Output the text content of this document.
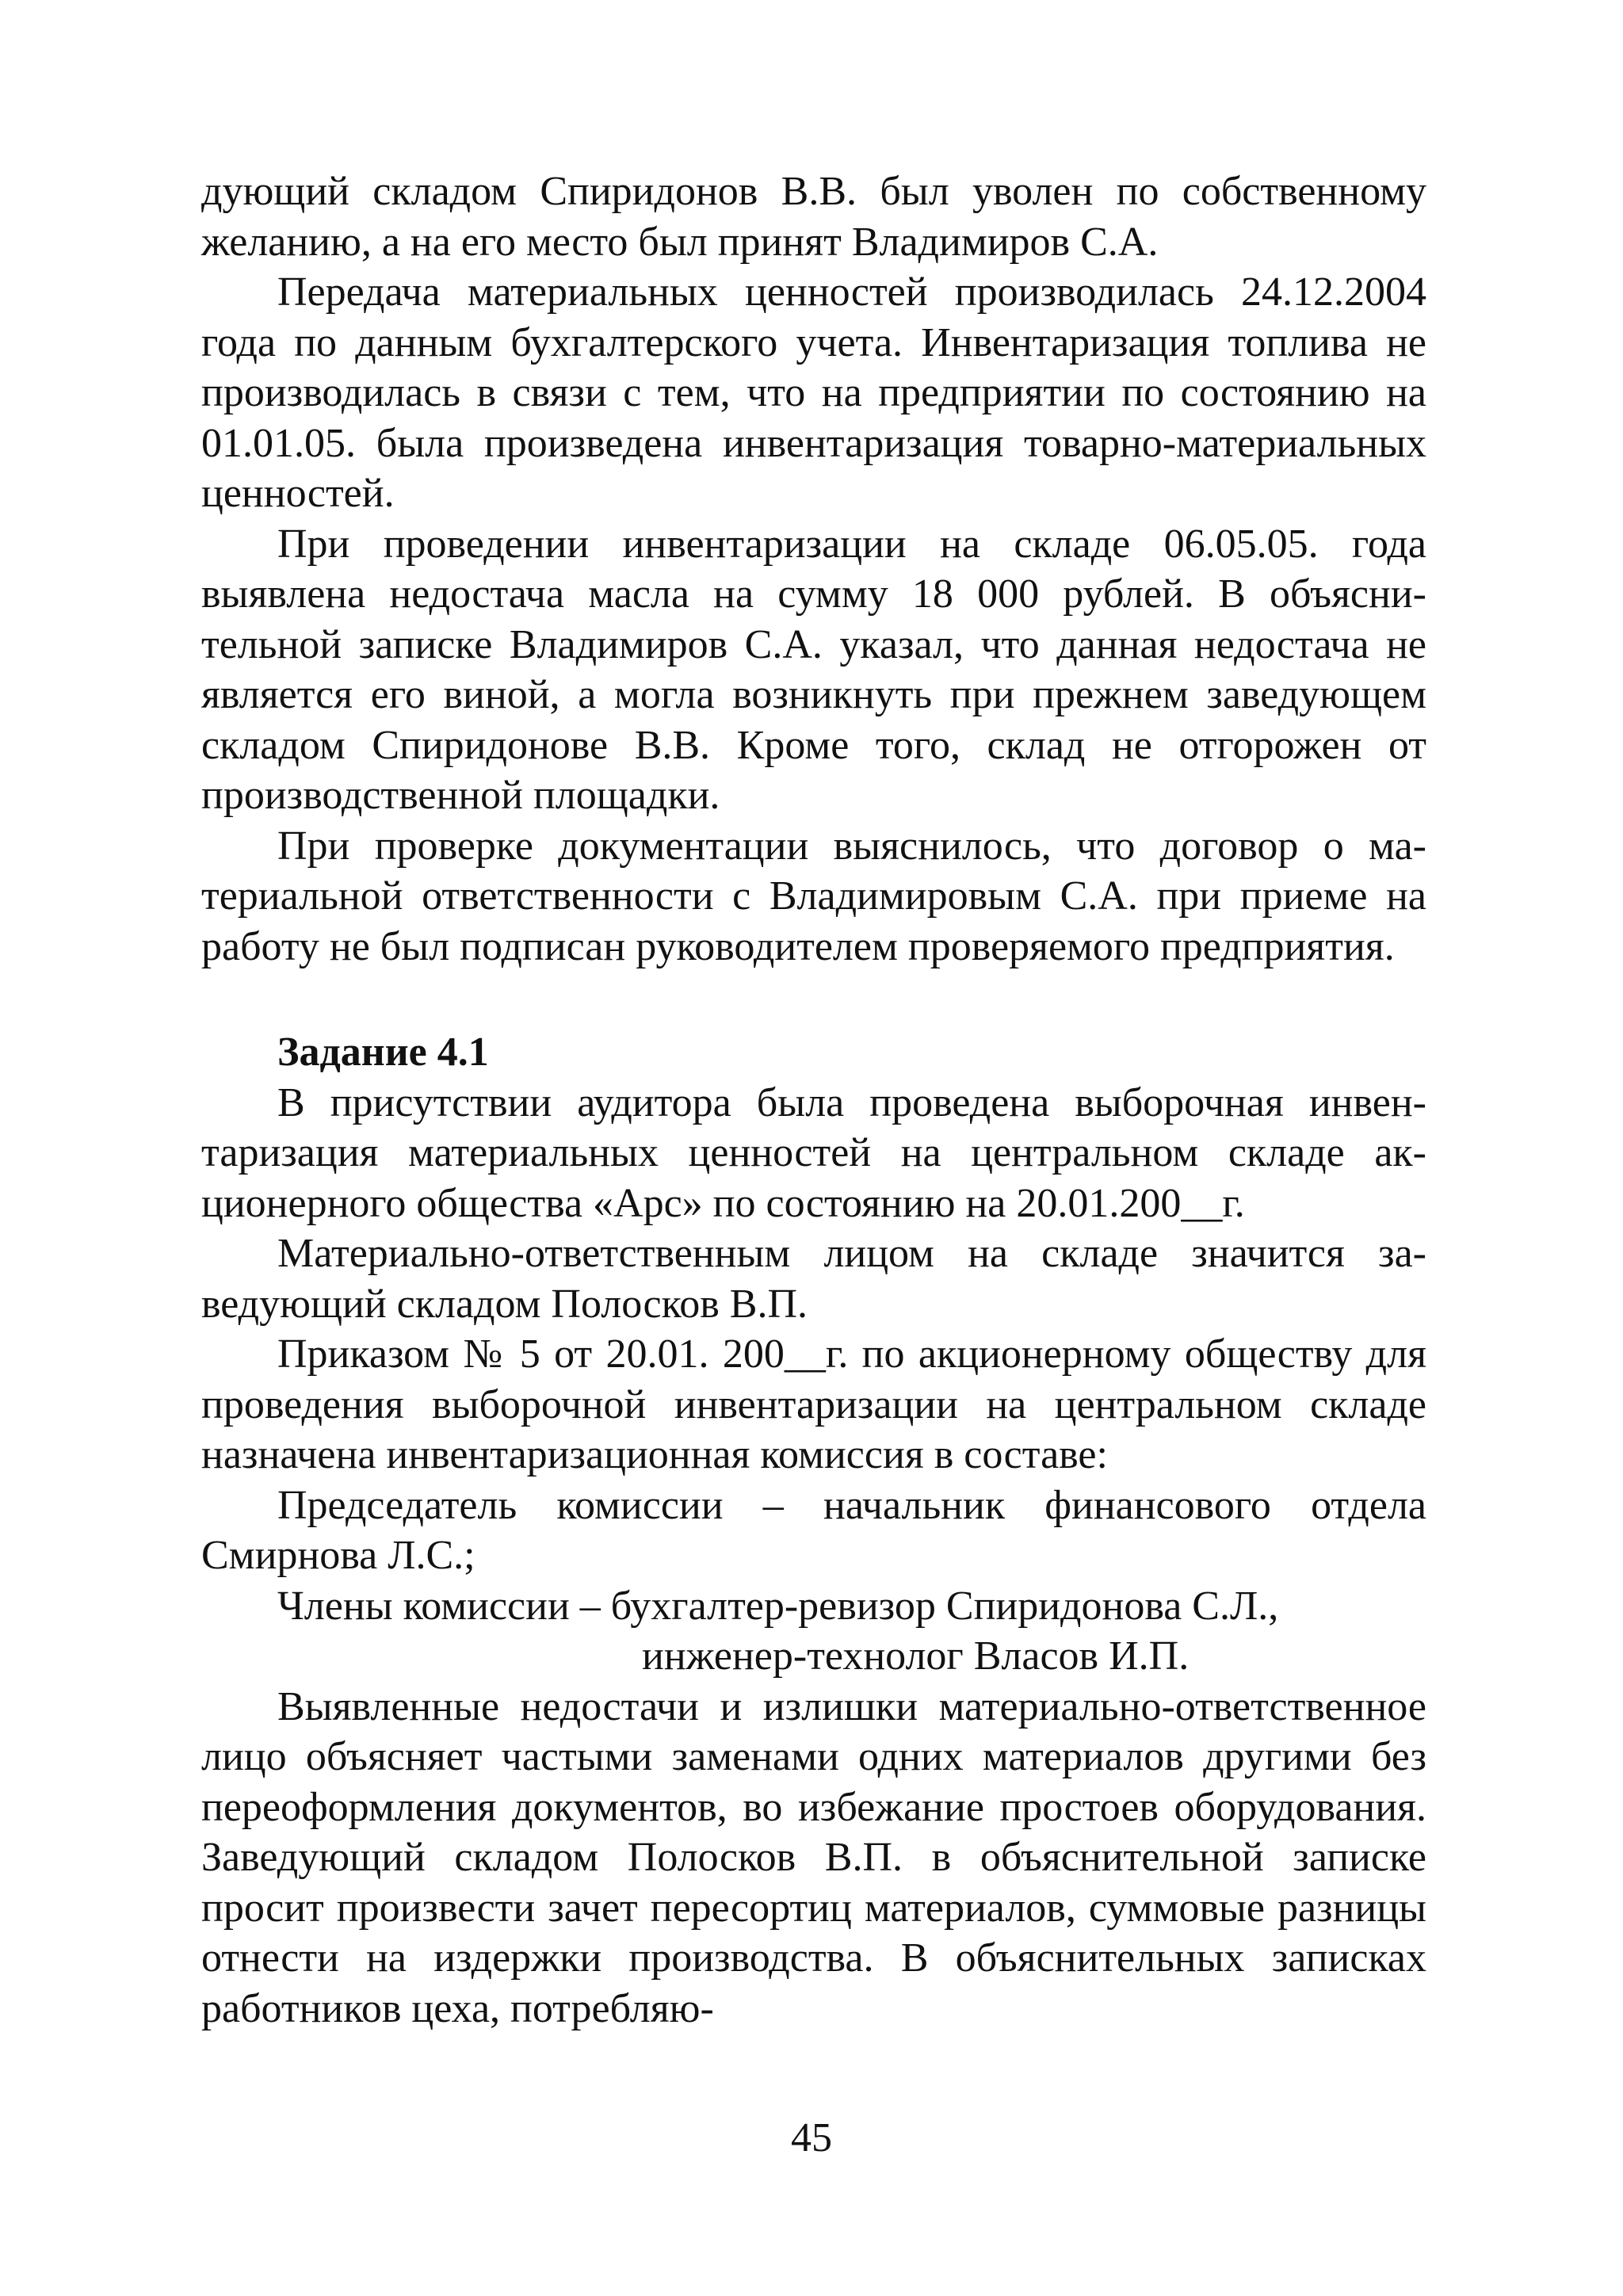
дующий складом Спиридонов В.В. был уволен по собственному желанию, а на его место был принят Владимиров С.А.

Передача материальных ценностей производилась 24.12.2004 года по данным бухгалтерского учета. Инвентаризация топлива не производилась в связи с тем, что на предприятии по состоянию на 01.01.05. была произведена инвентаризация товарно-материальных ценностей.

При проведении инвентаризации на складе 06.05.05. года выявлена недостача масла на сумму 18 000 рублей. В объяснительной записке Владимиров С.А. указал, что данная недостача не является его виной, а могла возникнуть при прежнем заведующем складом Спиридонове В.В. Кроме того, склад не отгорожен от производственной площадки.

При проверке документации выяснилось, что договор о материальной ответственности с Владимировым С.А. при приеме на работу не был подписан руководителем проверяемого предприятия.

Задание 4.1

В присутствии аудитора была проведена выборочная инвентаризация материальных ценностей на центральном складе акционерного общества «Арс» по состоянию на 20.01.200__г.

Материально-ответственным лицом на складе значится заведующий складом Полосков В.П.

Приказом № 5 от 20.01. 200__г. по акционерному обществу для проведения выборочной инвентаризации на центральном складе назначена инвентаризационная комиссия в составе:

Председатель комиссии – начальник финансового отдела Смирнова Л.С.;

Члены комиссии – бухгалтер-ревизор Спиридонова С.Л.,

инженер-технолог Власов И.П.

Выявленные недостачи и излишки материально-ответственное лицо объясняет частыми заменами одних материалов другими без переоформления документов, во избежание простоев оборудования. Заведующий складом Полосков В.П. в объяснительной записке просит произвести зачет пересортиц материалов, суммовые разницы отнести на издержки производства. В объяснительных записках работников цеха, потребляю-

45
